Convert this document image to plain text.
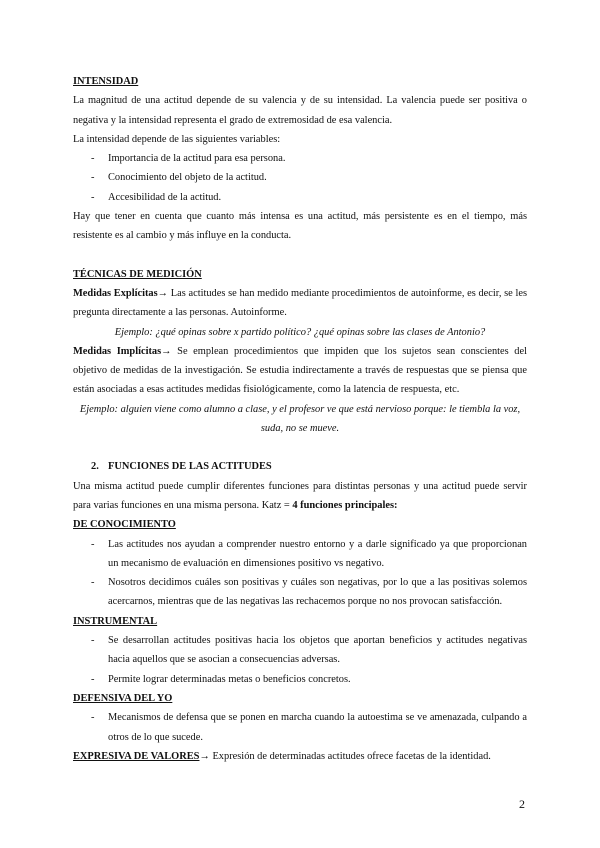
INTENSIDAD

La magnitud de una actitud depende de su valencia y de su intensidad. La valencia puede ser positiva o negativa y la intensidad representa el grado de extremosidad de esa valencia.

La intensidad depende de las siguientes variables:

- Importancia de la actitud para esa persona.
- Conocimiento del objeto de la actitud.
- Accesibilidad de la actitud.

Hay que tener en cuenta que cuanto más intensa es una actitud, más persistente es en el tiempo, más resistente es al cambio y más influye en la conducta.

TÉCNICAS DE MEDICIÓN

Medidas Explícitas→ Las actitudes se han medido mediante procedimientos de autoinforme, es decir, se les pregunta directamente a las personas. Autoinforme.

Ejemplo: ¿qué opinas sobre x partido político? ¿qué opinas sobre las clases de Antonio?

Medidas Implícitas→ Se emplean procedimientos que impiden que los sujetos sean conscientes del objetivo de medidas de la investigación. Se estudia indirectamente a través de respuestas que se piensa que están asociadas a esas actitudes medidas fisiológicamente, como la latencia de respuesta, etc.

Ejemplo: alguien viene como alumno a clase, y el profesor ve que está nervioso porque: le tiembla la voz, suda, no se mueve.

2. FUNCIONES DE LAS ACTITUDES

Una misma actitud puede cumplir diferentes funciones para distintas personas y una actitud puede servir para varias funciones en una misma persona. Katz = 4 funciones principales:

DE CONOCIMIENTO

- Las actitudes nos ayudan a comprender nuestro entorno y a darle significado ya que proporcionan un mecanismo de evaluación en dimensiones positivo vs negativo.
- Nosotros decidimos cuáles son positivas y cuáles son negativas, por lo que a las positivas solemos acercarnos, mientras que de las negativas las rechacemos porque no nos provocan satisfacción.

INSTRUMENTAL

- Se desarrollan actitudes positivas hacia los objetos que aportan beneficios y actitudes negativas hacia aquellos que se asocian a consecuencias adversas.
- Permite lograr determinadas metas o beneficios concretos.

DEFENSIVA DEL YO

- Mecanismos de defensa que se ponen en marcha cuando la autoestima se ve amenazada, culpando a otros de lo que sucede.

EXPRESIVA DE VALORES→ Expresión de determinadas actitudes ofrece facetas de la identidad.

2
